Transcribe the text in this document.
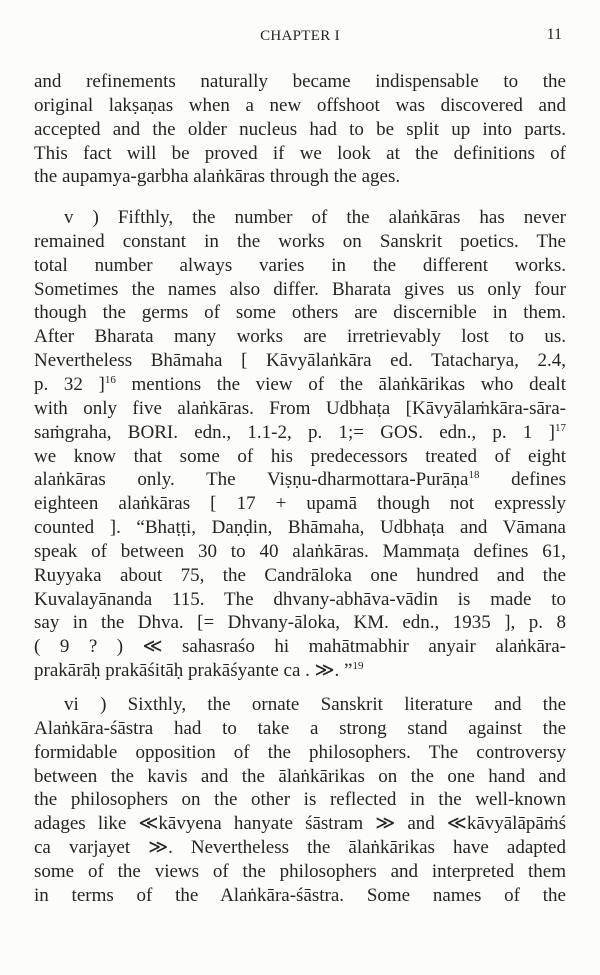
CHAPTER I	11
and refinements naturally became indispensable to the
original lakṣaṇas when a new offshoot was discovered and
accepted and the older nucleus had to be split up into parts.
This fact will be proved if we look at the definitions of
the aupamya-garbha alaṅkāras through the ages.
v ) Fifthly, the number of the alaṅkāras has never
remained constant in the works on Sanskrit poetics. The
total number always varies in the different works.
Sometimes the names also differ. Bharata gives us only four
though the germs of some others are discernible in them.
After Bharata many works are irretrievably lost to us.
Nevertheless Bhāmaha [ Kāvyālaṅkāra ed. Tatacharya, 2.4,
p. 32 ]$^{16}$ mentions the view of the ālaṅkārikas who dealt
with only five alaṅkāras. From Udbhaṭa [Kāvyālaṁkāra-sāra-
saṁgraha, BORI. edn., 1.1-2, p. 1;= GOS. edn., p. 1 ]$^{17}$
we know that some of his predecessors treated of eight
alaṅkāras only. The Viṣṇu-dharmottara-Purāṇa$^{18}$ defines
eighteen alaṅkāras [ 17 + upamā though not expressly
counted ]. “Bhaṭṭi, Daṇḍin, Bhāmaha, Udbhaṭa and Vāmana
speak of between 30 to 40 alaṅkāras. Mammaṭa defines 61,
Ruyyaka about 75, the Candrāloka one hundred and the
Kuvalayānanda 115. The dhvany-abhāva-vādin is made to
say in the Dhva. [= Dhvany-āloka, KM. edn., 1935 ], p. 8
( 9 ? ) ≪ sahasraśo hi mahātmabhir anyair alaṅkāra-
prakārāḥ prakāśitāḥ prakāśyante ca . ≫. ”$^{19}$
vi ) Sixthly, the ornate Sanskrit literature and the
Alaṅkāra-śāstra had to take a strong stand against the
formidable opposition of the philosophers. The controversy
between the kavis and the ālaṅkārikas on the one hand and
the philosophers on the other is reflected in the well-known
adages like ≪kāvyena hanyate śāstram ≫ and ≪kāvyālāpāṁś
ca varjayet ≫. Nevertheless the ālaṅkārikas have adapted
some of the views of the philosophers and interpreted them
in terms of the Alaṅkāra-śāstra. Some names of the
